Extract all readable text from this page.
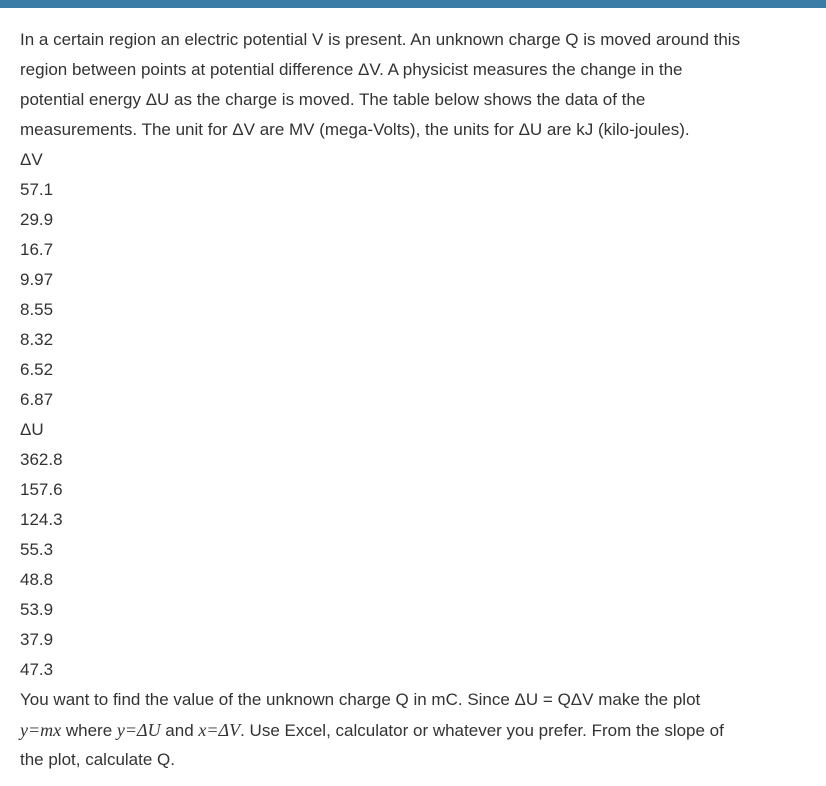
In a certain region an electric potential V is present. An unknown charge Q is moved around this
region between points at potential difference ΔV. A physicist measures the change in the
potential energy ΔU as the charge is moved. The table below shows the data of the
measurements. The unit for ΔV are MV (mega-Volts), the units for ΔU are kJ (kilo-joules).
ΔV
57.1
29.9
16.7
9.97
8.55
8.32
6.52
6.87
ΔU
362.8
157.6
124.3
55.3
48.8
53.9
37.9
47.3
You want to find the value of the unknown charge Q in mC. Since ΔU = QΔV make the plot
y=mx where y=ΔU and x=ΔV. Use Excel, calculator or whatever you prefer. From the slope of
the plot, calculate Q.
